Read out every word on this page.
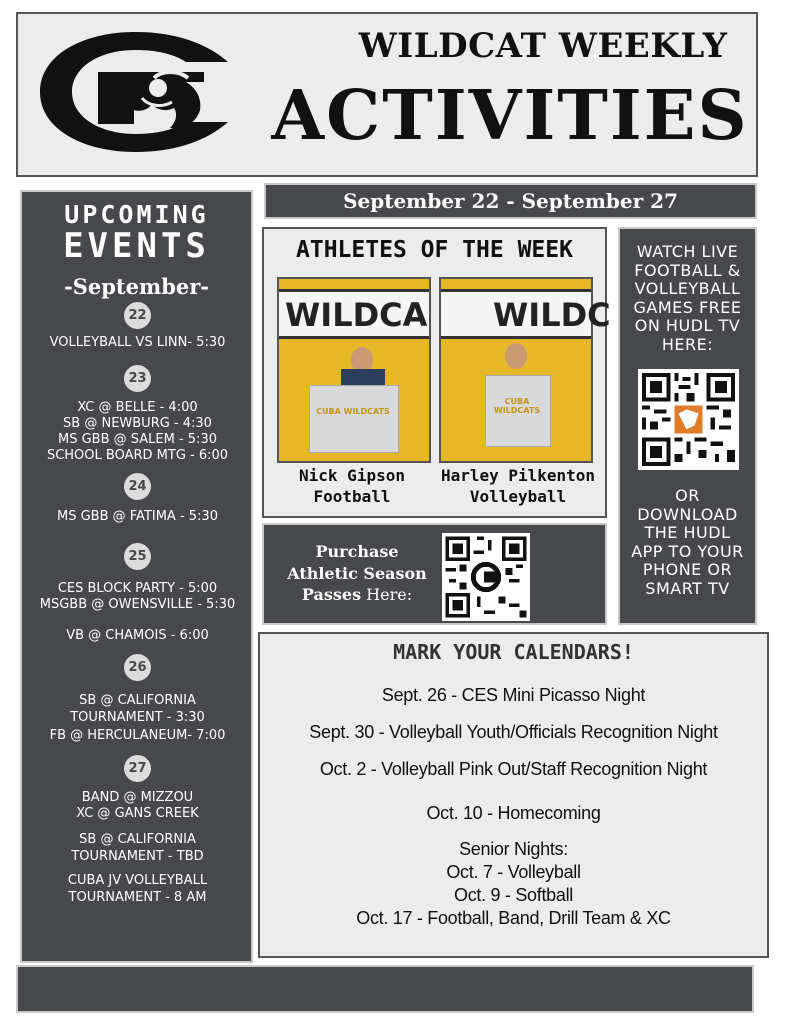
WILDCAT WEEKLY
ACTIVITIES
UPCOMING
EVENTS
-September-
22
VOLLEYBALL VS LINN- 5:30
23
XC @ BELLE - 4:00
SB @ NEWBURG - 4:30
MS GBB @ SALEM - 5:30
SCHOOL BOARD MTG - 6:00
24
MS GBB @ FATIMA - 5:30
25
CES BLOCK PARTY - 5:00
MSGBB @ OWENSVILLE - 5:30
VB @ CHAMOIS - 6:00
26
SB @ CALIFORNIA TOURNAMENT - 3:30
FB @ HERCULANEUM- 7:00
27
BAND @ MIZZOU
XC @ GANS CREEK
SB @ CALIFORNIA TOURNAMENT - TBD
CUBA JV VOLLEYBALL TOURNAMENT - 8 AM
September 22 - September 27
ATHLETES OF THE WEEK
WILDCA
CUBA WILDCATS
WILDC
CUBA WILDCATS
Nick Gipson
Football
Harley Pilkenton
Volleyball
WATCH LIVE FOOTBALL & VOLLEYBALL GAMES FREE ON HUDL TV HERE:
OR DOWNLOAD THE HUDL APP TO YOUR PHONE OR SMART TV
Purchase
Athletic Season
Passes Here:
MARK YOUR CALENDARS!
Sept. 26 - CES Mini Picasso Night
Sept. 30 - Volleyball Youth/Officials Recognition Night
Oct. 2 - Volleyball Pink Out/Staff Recognition Night
Oct. 10 - Homecoming
Senior Nights:
Oct. 7 - Volleyball
Oct. 9 - Softball
Oct. 17 - Football, Band, Drill Team & XC
